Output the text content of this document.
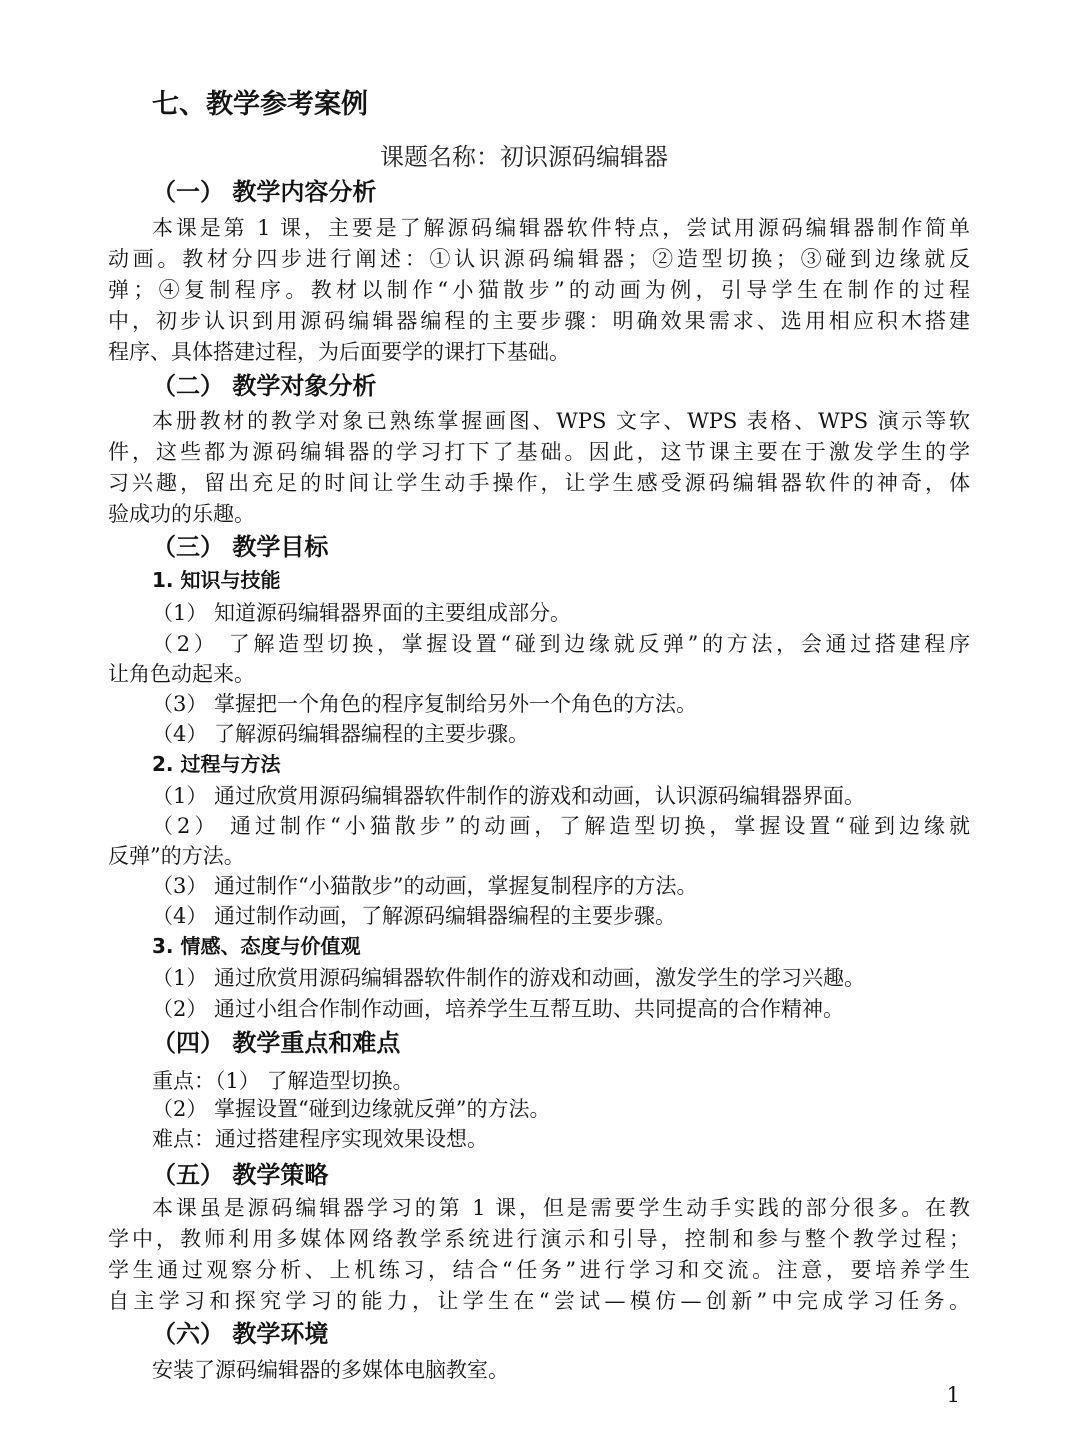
七、教学参考案例
课题名称：初识源码编辑器
（一） 教学内容分析
本课是第 1 课，主要是了解源码编辑器软件特点，尝试用源码编辑器制作简单
动画。教材分四步进行阐述：①认识源码编辑器；②造型切换；③碰到边缘就反
弹；④复制程序。教材以制作“小猫散步”的动画为例，引导学生在制作的过程
中，初步认识到用源码编辑器编程的主要步骤：明确效果需求、选用相应积木搭建
程序、具体搭建过程，为后面要学的课打下基础。
（二） 教学对象分析
本册教材的教学对象已熟练掌握画图、WPS 文字、WPS 表格、WPS 演示等软
件，这些都为源码编辑器的学习打下了基础。因此，这节课主要在于激发学生的学
习兴趣，留出充足的时间让学生动手操作，让学生感受源码编辑器软件的神奇，体
验成功的乐趣。
（三） 教学目标
1. 知识与技能
（1） 知道源码编辑器界面的主要组成部分。
（2） 了解造型切换，掌握设置“碰到边缘就反弹”的方法，会通过搭建程序
让角色动起来。
（3） 掌握把一个角色的程序复制给另外一个角色的方法。
（4） 了解源码编辑器编程的主要步骤。
2. 过程与方法
（1） 通过欣赏用源码编辑器软件制作的游戏和动画，认识源码编辑器界面。
（2） 通过制作“小猫散步”的动画，了解造型切换，掌握设置“碰到边缘就
反弹”的方法。
（3） 通过制作“小猫散步”的动画，掌握复制程序的方法。
（4） 通过制作动画，了解源码编辑器编程的主要步骤。
3. 情感、态度与价值观
（1） 通过欣赏用源码编辑器软件制作的游戏和动画，激发学生的学习兴趣。
（2） 通过小组合作制作动画，培养学生互帮互助、共同提高的合作精神。
（四） 教学重点和难点
重点：（1） 了解造型切换。
（2） 掌握设置“碰到边缘就反弹”的方法。
难点：通过搭建程序实现效果设想。
（五） 教学策略
本课虽是源码编辑器学习的第 1 课，但是需要学生动手实践的部分很多。在教
学中，教师利用多媒体网络教学系统进行演示和引导，控制和参与整个教学过程；
学生通过观察分析、上机练习，结合“任务”进行学习和交流。注意，要培养学生
自主学习和探究学习的能力，让学生在“尝试—模仿—创新”中完成学习任务。
（六） 教学环境
安装了源码编辑器的多媒体电脑教室。
1
